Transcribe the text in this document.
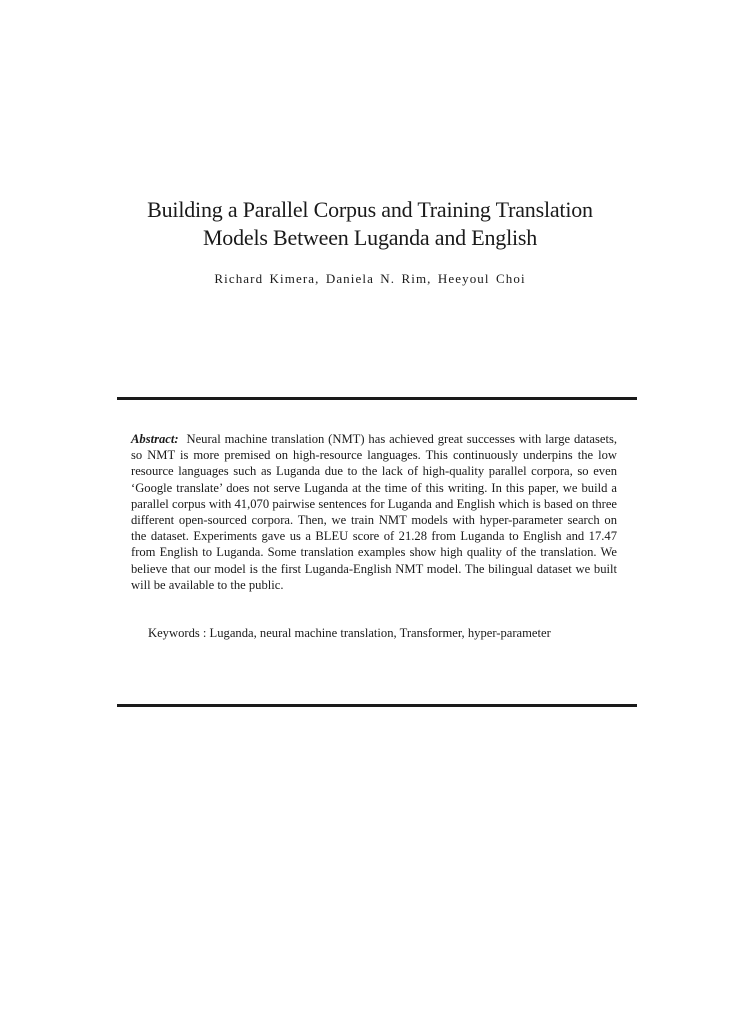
Building a Parallel Corpus and Training Translation
Models Between Luganda and English
Richard Kimera, Daniela N. Rim, Heeyoul Choi

Abstract: Neural machine translation (NMT) has achieved great successes with large datasets, so NMT is more premised on high-resource languages. This continuously underpins the low resource languages such as Luganda due to the lack of high-quality parallel corpora, so even ‘Google translate’ does not serve Luganda at the time of this writing. In this paper, we build a parallel corpus with 41,070 pairwise sentences for Luganda and English which is based on three different open-sourced corpora. Then, we train NMT models with hyper-parameter search on the dataset. Experiments gave us a BLEU score of 21.28 from Luganda to English and 17.47 from English to Luganda. Some translation examples show high quality of the translation. We believe that our model is the first Luganda-English NMT model. The bilingual dataset we built will be available to the public.

Keywords : Luganda, neural machine translation, Transformer, hyper-parameter
